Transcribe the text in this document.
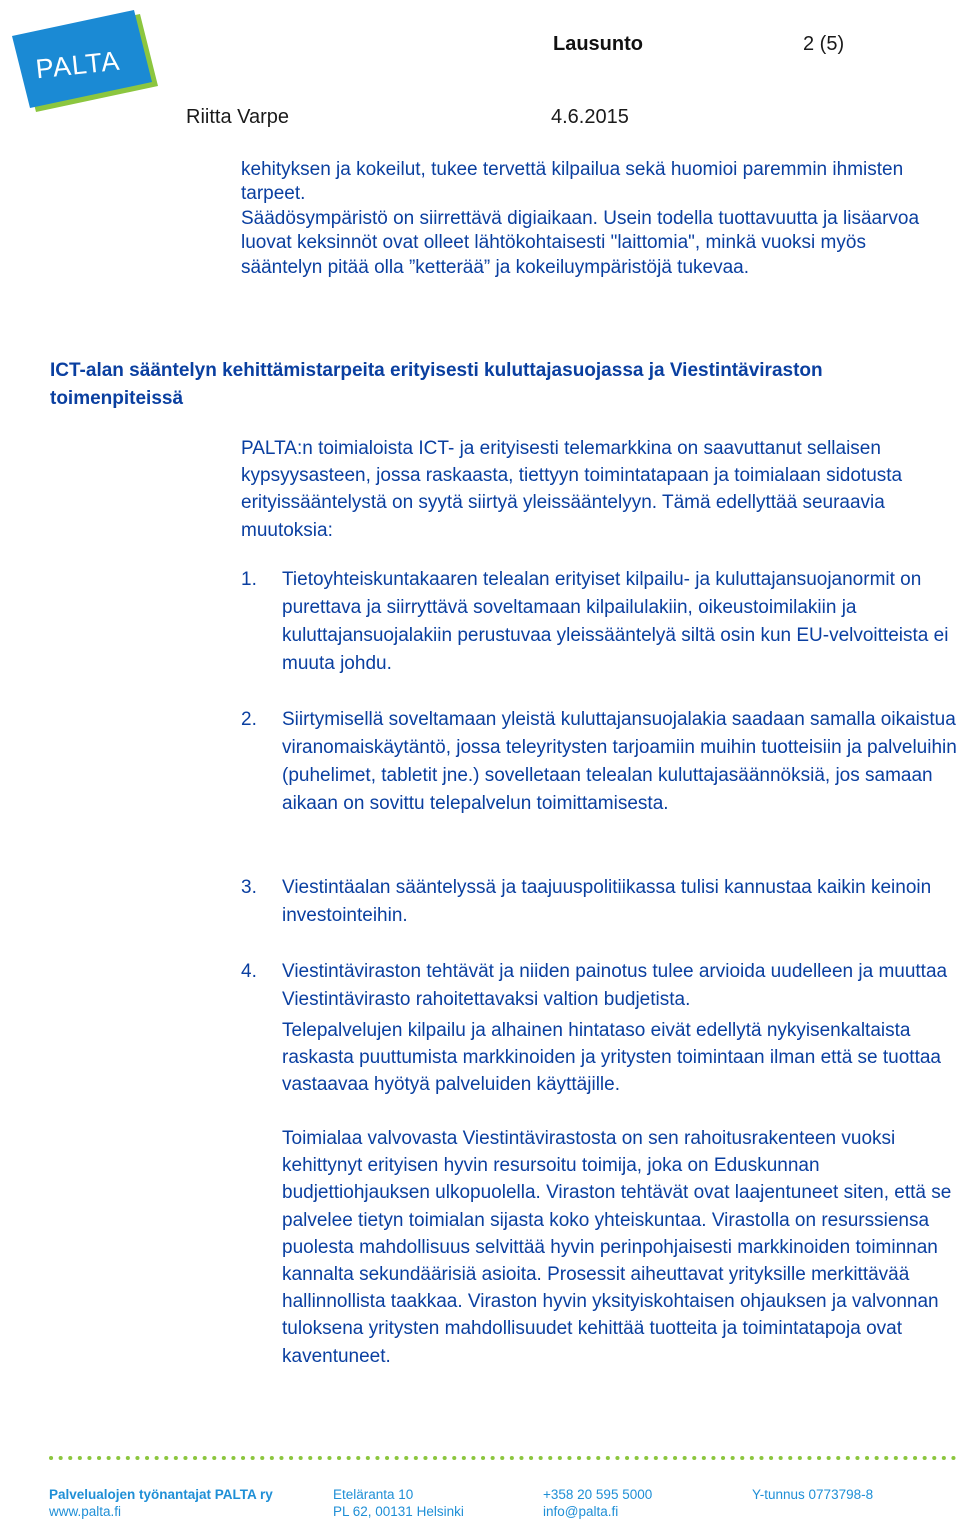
PALTA
Lausunto	2 (5)
Riitta Varpe	4.6.2015

kehityksen ja kokeilut, tukee tervettä kilpailua sekä huomioi paremmin ihmisten tarpeet.

Säädösympäristö on siirrettävä digiaikaan. Usein todella tuottavuutta ja lisäarvoa luovat keksinnöt ovat olleet lähtökohtaisesti "laittomia", minkä vuoksi myös sääntelyn pitää olla ”ketterää” ja kokeiluympäristöjä tukevaa.

ICT-alan sääntelyn kehittämistarpeita erityisesti kuluttajasuojassa ja Viestintäviraston toimenpiteissä

PALTA:n toimialoista ICT- ja erityisesti telemarkkina on saavuttanut sellaisen kypsyysasteen, jossa raskaasta, tiettyyn toimintatapaan ja toimialaan sidotusta erityissääntelystä on syytä siirtyä yleissääntelyyn. Tämä edellyttää seuraavia muutoksia:

1.	Tietoyhteiskuntakaaren telealan erityiset kilpailu- ja kuluttajansuojanormit on purettava ja siirryttävä soveltamaan kilpailulakiin, oikeustoimilakiin ja kuluttajansuojalakiin perustuvaa yleissääntelyä siltä osin kun EU-velvoitteista ei muuta johdu.

2.	Siirtymisellä soveltamaan yleistä kuluttajansuojalakia saadaan samalla oikaistua viranomaiskäytäntö, jossa teleyritysten tarjoamiin muihin tuotteisiin ja palveluihin (puhelimet, tabletit jne.) sovelletaan telealan kuluttajasäännöksiä, jos samaan aikaan on sovittu telepalvelun toimittamisesta.

3.	Viestintäalan sääntelyssä ja taajuuspolitiikassa tulisi kannustaa kaikin keinoin investointeihin.

4.	Viestintäviraston tehtävät ja niiden painotus tulee arvioida uudelleen ja muuttaa Viestintävirasto rahoitettavaksi valtion budjetista.

Telepalvelujen kilpailu ja alhainen hintataso eivät edellytä nykyisenkaltaista raskasta puuttumista markkinoiden ja yritysten toimintaan ilman että se tuottaa vastaavaa hyötyä palveluiden käyttäjille.

Toimialaa valvovasta Viestintävirastosta on sen rahoitusrakenteen vuoksi kehittynyt erityisen hyvin resursoitu toimija, joka on Eduskunnan budjettiohjauksen ulkopuolella. Viraston tehtävät ovat laajentuneet siten, että se palvelee tietyn toimialan sijasta koko yhteiskuntaa. Virastolla on resurssiensa puolesta mahdollisuus selvittää hyvin perinpohjaisesti markkinoiden toiminnan kannalta sekundäärisiä asioita. Prosessit aiheuttavat yrityksille merkittävää hallinnollista taakkaa. Viraston hyvin yksityiskohtaisen ohjauksen ja valvonnan tuloksena yritysten mahdollisuudet kehittää tuotteita ja toimintatapoja ovat kaventuneet.

Palvelualojen työnantajat PALTA ry
www.palta.fi
Eteläranta 10
PL 62, 00131 Helsinki
+358 20 595 5000
info@palta.fi
Y-tunnus 0773798-8
